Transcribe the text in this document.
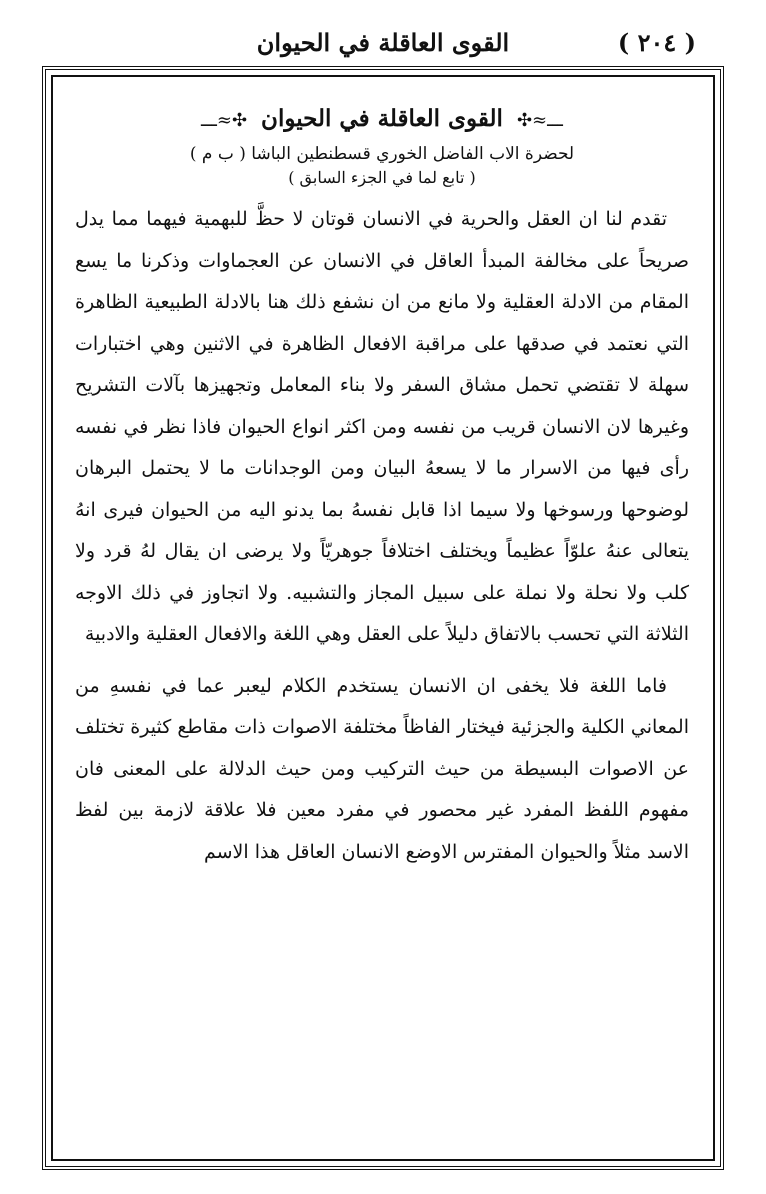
( ٢٠٤ )
القوى العاقلة في الحيوان
ـــ≈✣ القوى العاقلة في الحيوان ✣≈ـــ
لحضرة الاب الفاضل الخوري قسطنطين الباشا ( ب م )
( تابع لما في الجزء السابق )

تقدم لنا ان العقل والحرية في الانسان قوتان لا حظَّ للبهمية فيهما مما يدل صريحاً على مخالفة المبدأ العاقل في الانسان عن العجماوات وذكرنا ما يسع المقام من الادلة العقلية ولا مانع من ان نشفع ذلك هنا بالادلة الطبيعية الظاهرة التي نعتمد في صدقها على مراقبة الافعال الظاهرة في الاثنين وهي اختبارات سهلة لا تقتضي تحمل مشاق السفر ولا بناء المعامل وتجهيزها بآلات التشريح وغيرها لان الانسان قريب من نفسه ومن اكثر انواع الحيوان فاذا نظر في نفسه رأى فيها من الاسرار ما لا يسعهُ البيان ومن الوجدانات ما لا يحتمل البرهان لوضوحها ورسوخها ولا سيما اذا قابل نفسهُ بما يدنو اليه من الحيوان فيرى انهُ يتعالى عنهُ علوّاً عظيماً ويختلف اختلافاً جوهريّاً ولا يرضى ان يقال لهُ قرد ولا كلب ولا نحلة ولا نملة على سبيل المجاز والتشبيه. ولا اتجاوز في ذلك الاوجه الثلاثة التي تحسب بالاتفاق دليلاً على العقل وهي اللغة والافعال العقلية والادبية

فاما اللغة فلا يخفى ان الانسان يستخدم الكلام ليعبر عما في نفسهِ من المعاني الكلية والجزئية فيختار الفاظاً مختلفة الاصوات ذات مقاطع كثيرة تختلف عن الاصوات البسيطة من حيث التركيب ومن حيث الدلالة على المعنى فان مفهوم اللفظ المفرد غير محصور في مفرد معين فلا علاقة لازمة بين لفظ الاسد مثلاً والحيوان المفترس الاوضع الانسان العاقل هذا الاسم
